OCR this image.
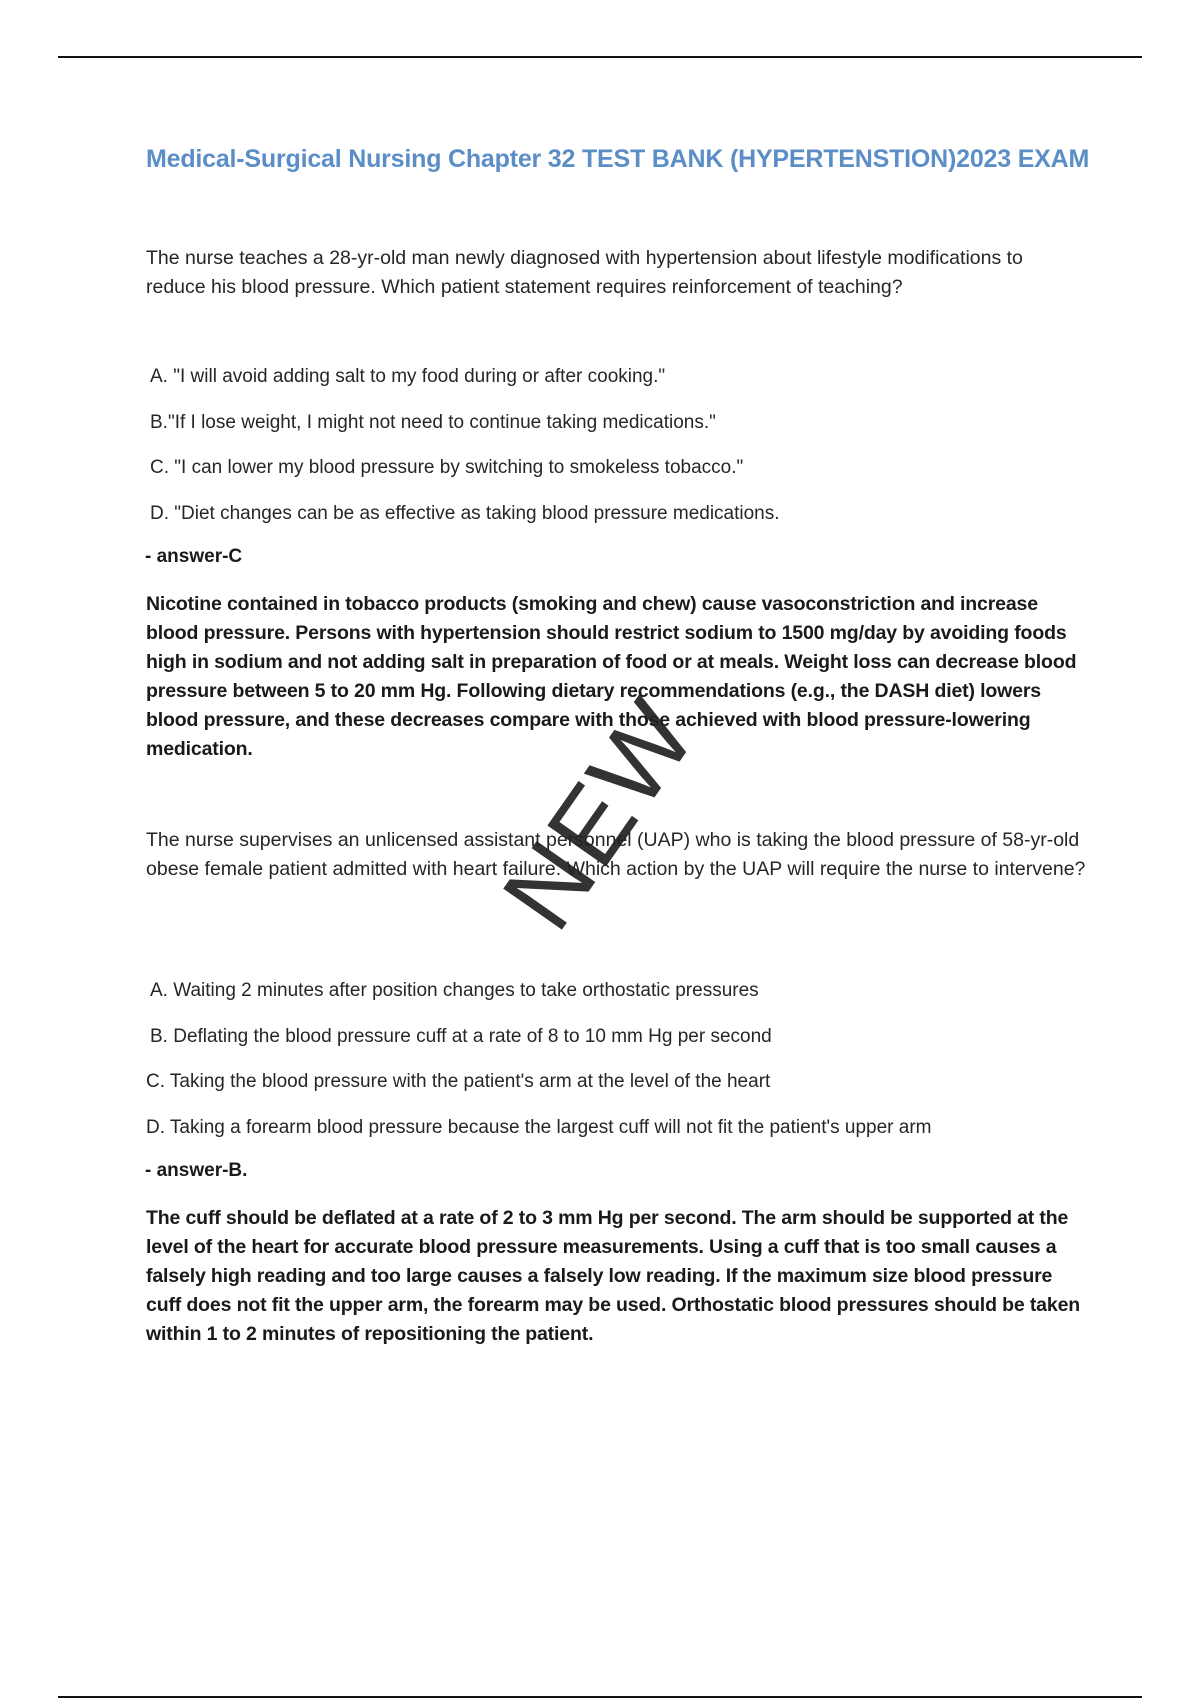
Medical-Surgical Nursing Chapter 32 TEST BANK (HYPERTENSTION)2023 EXAM

The nurse teaches a 28-yr-old man newly diagnosed with hypertension about lifestyle modifications to reduce his blood pressure. Which patient statement requires reinforcement of teaching?

A. "I will avoid adding salt to my food during or after cooking."
B."If I lose weight, I might not need to continue taking medications."
C. "I can lower my blood pressure by switching to smokeless tobacco."
D. "Diet changes can be as effective as taking blood pressure medications.
- answer-C

Nicotine contained in tobacco products (smoking and chew) cause vasoconstriction and increase blood pressure. Persons with hypertension should restrict sodium to 1500 mg/day by avoiding foods high in sodium and not adding salt in preparation of food or at meals. Weight loss can decrease blood pressure between 5 to 20 mm Hg. Following dietary recommendations (e.g., the DASH diet) lowers blood pressure, and these decreases compare with those achieved with blood pressure-lowering medication.

The nurse supervises an unlicensed assistant personnel (UAP) who is taking the blood pressure of 58-yr-old obese female patient admitted with heart failure. Which action by the UAP will require the nurse to intervene?

A. Waiting 2 minutes after position changes to take orthostatic pressures
B. Deflating the blood pressure cuff at a rate of 8 to 10 mm Hg per second
C. Taking the blood pressure with the patient's arm at the level of the heart
D. Taking a forearm blood pressure because the largest cuff will not fit the patient's upper arm
- answer-B.

The cuff should be deflated at a rate of 2 to 3 mm Hg per second. The arm should be supported at the level of the heart for accurate blood pressure measurements. Using a cuff that is too small causes a falsely high reading and too large causes a falsely low reading. If the maximum size blood pressure cuff does not fit the upper arm, the forearm may be used. Orthostatic blood pressures should be taken within 1 to 2 minutes of repositioning the patient.

NEW
